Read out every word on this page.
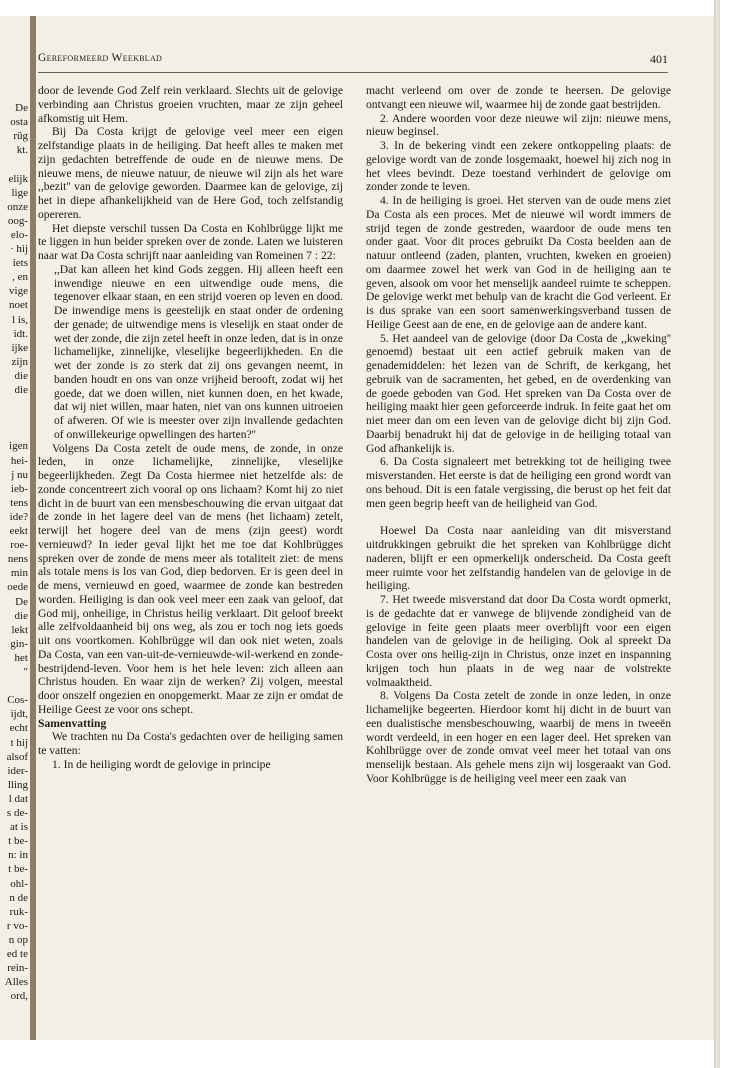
De
osta
rüg
kt.
elijk
lige
onze
oog-
elo-
· hij
iets
, en
vige
noet
l is,
idt.
ijke
zijn
die
die
igen
hei-
j nu
ieb-
tens
ide?
eekt
roe-
nens
min
oede
De
die
lekt
gin-
het
"
Cos-
ijdt,
echt
t hij
alsof
ider-
lling
l dat
s de-
at is
t be-
n: in
t be-
ohl-
n de
ruk-
r vo-
n op
ed te
rein-
Alles
ord,
Gereformeerd Weekblad	401

door de levende God Zelf rein verklaard. Slechts uit de gelovige verbinding aan Christus groeien vruchten, maar ze zijn geheel afkomstig uit Hem.

Bij Da Costa krijgt de gelovige veel meer een eigen zelfstandige plaats in de heiliging. Dat heeft alles te maken met zijn gedachten betreffende de oude en de nieuwe mens. De nieuwe mens, de nieuwe natuur, de nieuwe wil zijn als het ware ,,bezit'' van de gelovige geworden. Daarmee kan de gelovige, zij het in diepe afhankelijkheid van de Here God, toch zelfstandig opereren.

Het diepste verschil tussen Da Costa en Kohlbrügge lijkt me te liggen in hun beider spreken over de zonde. Laten we luisteren naar wat Da Costa schrijft naar aanleiding van Romeinen 7 : 22:

,,Dat kan alleen het kind Gods zeggen. Hij alleen heeft een inwendige nieuwe en een uitwendige oude mens, die tegenover elkaar staan, en een strijd voeren op leven en dood. De inwendige mens is geestelijk en staat onder de ordening der genade; de uitwendige mens is vleselijk en staat onder de wet der zonde, die zijn zetel heeft in onze leden, dat is in onze lichamelijke, zinnelijke, vleselijke begeerlijkheden. En die wet der zonde is zo sterk dat zij ons gevangen neemt, in banden houdt en ons van onze vrijheid berooft, zodat wij het goede, dat we doen willen, niet kunnen doen, en het kwade, dat wij niet willen, maar haten, niet van ons kunnen uitroeien of afweren. Of wie is meester over zijn invallende gedachten of onwillekeurige opwellingen des harten?''

Volgens Da Costa zetelt de oude mens, de zonde, in onze leden, in onze lichamelijke, zinnelijke, vleselijke begeerlijkheden. Zegt Da Costa hiermee niet hetzelfde als: de zonde concentreert zich vooral op ons lichaam? Komt hij zo niet dicht in de buurt van een mensbeschouwing die ervan uitgaat dat de zonde in het lagere deel van de mens (het lichaam) zetelt, terwijl het hogere deel van de mens (zijn geest) wordt vernieuwd? In ieder geval lijkt het me toe dat Kohlbrügges spreken over de zonde de mens meer als totaliteit ziet: de mens als totale mens is los van God, diep bedorven. Er is geen deel in de mens, vernieuwd en goed, waarmee de zonde kan bestreden worden. Heiliging is dan ook veel meer een zaak van geloof, dat God mij, onheilige, in Christus heilig verklaart. Dit geloof breekt alle zelfvoldaanheid bij ons weg, als zou er toch nog iets goeds uit ons voortkomen. Kohlbrügge wil dan ook niet weten, zoals Da Costa, van een van-uit-de-vernieuwde-wil-werkend en zonde-bestrijdend-leven. Voor hem is het hele leven: zich alleen aan Christus houden. En waar zijn de werken? Zij volgen, meestal door onszelf ongezien en onopgemerkt. Maar ze zijn er omdat de Heilige Geest ze voor ons schept.

Samenvatting

We trachten nu Da Costa's gedachten over de heiliging samen te vatten:

1. In de heiliging wordt de gelovige in principe

macht verleend om over de zonde te heersen. De gelovige ontvangt een nieuwe wil, waarmee hij de zonde gaat bestrijden.

2. Andere woorden voor deze nieuwe wil zijn: nieuwe mens, nieuw beginsel.

3. In de bekering vindt een zekere ontkoppeling plaats: de gelovige wordt van de zonde losgemaakt, hoewel hij zich nog in het vlees bevindt. Deze toestand verhindert de gelovige om zonder zonde te leven.

4. In de heiliging is groei. Het sterven van de oude mens ziet Da Costa als een proces. Met de nieuwe wil wordt immers de strijd tegen de zonde gestreden, waardoor de oude mens ten onder gaat. Voor dit proces gebruikt Da Costa beelden aan de natuur ontleend (zaden, planten, vruchten, kweken en groeien) om daarmee zowel het werk van God in de heiliging aan te geven, alsook om voor het menselijk aandeel ruimte te scheppen. De gelovige werkt met behulp van de kracht die God verleent. Er is dus sprake van een soort samenwerkingsverband tussen de Heilige Geest aan de ene, en de gelovige aan de andere kant.

5. Het aandeel van de gelovige (door Da Costa de ,,kweking'' genoemd) bestaat uit een actief gebruik maken van de genademiddelen: het lezen van de Schrift, de kerkgang, het gebruik van de sacramenten, het gebed, en de overdenking van de goede geboden van God. Het spreken van Da Costa over de heiliging maakt hier geen geforceerde indruk. In feite gaat het om niet meer dan om een leven van de gelovige dicht bij zijn God. Daarbij benadrukt hij dat de gelovige in de heiliging totaal van God afhankelijk is.

6. Da Costa signaleert met betrekking tot de heiliging twee misverstanden. Het eerste is dat de heiliging een grond wordt van ons behoud. Dit is een fatale vergissing, die berust op het feit dat men geen begrip heeft van de heiligheid van God.

Hoewel Da Costa naar aanleiding van dit misverstand uitdrukkingen gebruikt die het spreken van Kohlbrügge dicht naderen, blijft er een opmerkelijk onderscheid. Da Costa geeft meer ruimte voor het zelfstandig handelen van de gelovige in de heiliging.

7. Het tweede misverstand dat door Da Costa wordt opmerkt, is de gedachte dat er vanwege de blijvende zondigheid van de gelovige in feite geen plaats meer overblijft voor een eigen handelen van de gelovige in de heiliging. Ook al spreekt Da Costa over ons heilig-zijn in Christus, onze inzet en inspanning krijgen toch hun plaats in de weg naar de volstrekte volmaaktheid.

8. Volgens Da Costa zetelt de zonde in onze leden, in onze lichamelijke begeerten. Hierdoor komt hij dicht in de buurt van een dualistische mensbeschouwing, waarbij de mens in tweeën wordt verdeeld, in een hoger en een lager deel. Het spreken van Kohlbrügge over de zonde omvat veel meer het totaal van ons menselijk bestaan. Als gehele mens zijn wij losgeraakt van God. Voor Kohlbrügge is de heiliging veel meer een zaak van
